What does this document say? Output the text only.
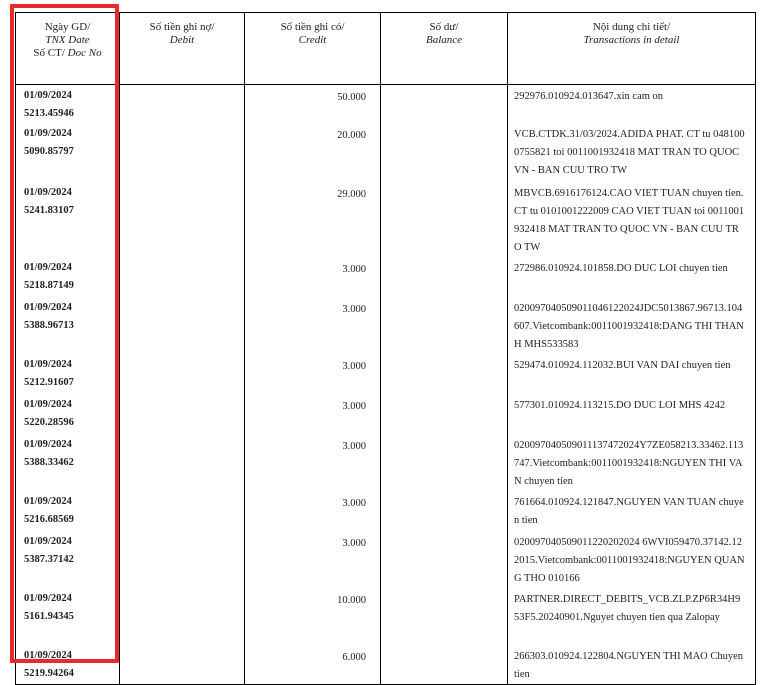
Ngày GD/
TNX Date
Số CT/ Doc No	Số tiền ghi nợ/
Debit	Số tiền ghi có/
Credit	Số dư/
Balance	Nội dung chi tiết/
Transactions in detail

01/09/2024
5213.45946		50.000		292976.010924.013647.xin cam on
01/09/2024
5090.85797		20.000		VCB.CTDK.31/03/2024.ADIDA PHAT. CT tu 0481000755821 toi 0011001932418 MAT TRAN TO QUOC VN - BAN CUU TRO TW
01/09/2024
5241.83107		29.000		MBVCB.6916176124.CAO VIET TUAN chuyen tien.CT tu 0101001222009 CAO VIET TUAN toi 0011001932418 MAT TRAN TO QUOC VN - BAN CUU TRO TW
01/09/2024
5218.87149		3.000		272986.010924.101858.DO DUC LOI chuyen tien
01/09/2024
5388.96713		3.000		020097040509011046122024JDC5013867.96713.104607.Vietcombank:0011001932418:DANG THI THANH MHS533583
01/09/2024
5212.91607		3.000		529474.010924.112032.BUI VAN DAI chuyen tien
01/09/2024
5220.28596		3.000		577301.010924.113215.DO DUC LOI MHS 4242
01/09/2024
5388.33462		3.000		020097040509011137472024Y7ZE058213.33462.113747.Vietcombank:0011001932418:NGUYEN THI VAN chuyen tien
01/09/2024
5216.68569		3.000		761664.010924.121847.NGUYEN VAN TUAN chuyen tien
01/09/2024
5387.37142		3.000		020097040509011220202024 6WVI059470.37142.122015.Vietcombank:0011001932418:NGUYEN QUANG THO 010166
01/09/2024
5161.94345		10.000		PARTNER.DIRECT_DEBITS_VCB.ZLP.ZP6R34H953F5.20240901.Nguyet chuyen tien qua Zalopay
01/09/2024
5219.94264		6.000		266303.010924.122804.NGUYEN THI MAO Chuyen tien
